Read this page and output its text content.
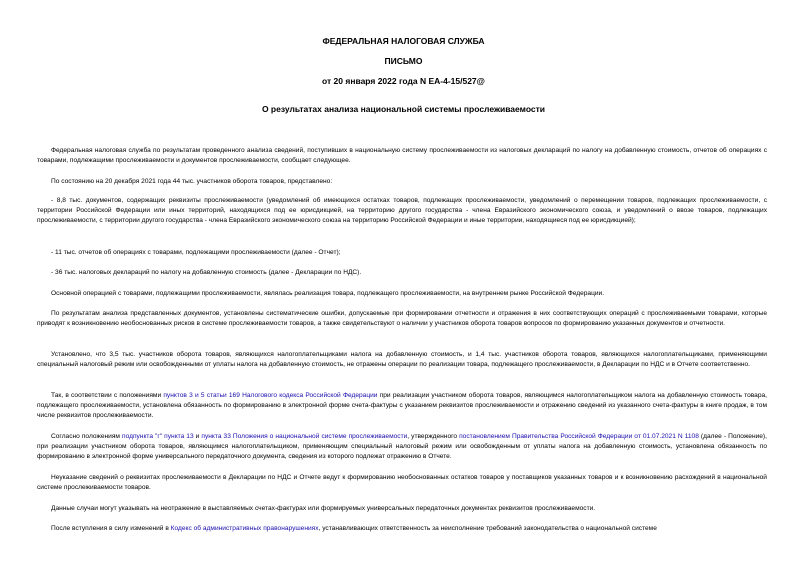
ФЕДЕРАЛЬНАЯ НАЛОГОВАЯ СЛУЖБА
ПИСЬМО
от 20 января 2022 года N ЕА-4-15/527@
О результатах анализа национальной системы прослеживаемости

Федеральная налоговая служба по результатам проведенного анализа сведений, поступивших в национальную систему прослеживаемости из налоговых деклараций по налогу на добавленную стоимость, отчетов об операциях с товарами, подлежащими прослеживаемости и документов прослеживаемости, сообщает следующее.

По состоянию на 20 декабря 2021 года 44 тыс. участников оборота товаров, представлено:

- 8,8 тыс. документов, содержащих реквизиты прослеживаемости (уведомлений об имеющихся остатках товаров, подлежащих прослеживаемости, уведомлений о перемещении товаров, подлежащих прослеживаемости, с территории Российской Федерации или иных территорий, находящихся под ее юрисдикцией, на территорию другого государства - члена Евразийского экономического союза, и уведомлений о ввозе товаров, подлежащих прослеживаемости, с территории другого государства - члена Евразийского экономического союза на территорию Российской Федерации и иные территории, находящиеся под ее юрисдикцией);

- 11 тыс. отчетов об операциях с товарами, подлежащими прослеживаемости (далее - Отчет);

- 36 тыс. налоговых деклараций по налогу на добавленную стоимость (далее - Декларации по НДС).

Основной операцией с товарами, подлежащими прослеживаемости, являлась реализация товара, подлежащего прослеживаемости, на внутреннем рынке Российской Федерации.

По результатам анализа представленных документов, установлены систематические ошибки, допускаемые при формировании отчетности и отражения в них соответствующих операций с прослеживаемыми товарами, которые приводят к возникновению необоснованных рисков в системе прослеживаемости товаров, а также свидетельствуют о наличии у участников оборота товаров вопросов по формированию указанных документов и отчетности.

Установлено, что 3,5 тыс. участников оборота товаров, являющихся налогоплательщиками налога на добавленную стоимость, и 1,4 тыс. участников оборота товаров, являющихся налогоплательщиками, применяющими специальный налоговый режим или освобожденными от уплаты налога на добавленную стоимость, не отражены операции по реализации товара, подлежащего прослеживаемости, в Декларации по НДС и в Отчете соответственно.

Так, в соответствии с положениями пунктов 3 и 5 статьи 169 Налогового кодекса Российской Федерации при реализации участником оборота товаров, являющимся налогоплательщиком налога на добавленную стоимость товара, подлежащего прослеживаемости, установлена обязанность по формированию в электронной форме счета-фактуры с указанием реквизитов прослеживаемости и отражению сведений из указанного счета-фактуры в книге продаж, в том числе реквизитов прослеживаемости.

Согласно положениям подпункта "г" пункта 13 и пункта 33 Положения о национальной системе прослеживаемости, утвержденного постановлением Правительства Российской Федерации от 01.07.2021 N 1108 (далее - Положение), при реализации участником оборота товаров, являющимся налогоплательщиком, применяющим специальный налоговый режим или освобожденным от уплаты налога на добавленную стоимость, установлена обязанность по формированию в электронной форме универсального передаточного документа, сведения из которого подлежат отражению в Отчете.

Неуказание сведений о реквизитах прослеживаемости в Декларации по НДС и Отчете ведут к формированию необоснованных остатков товаров у поставщиков указанных товаров и к возникновению расхождений в национальной системе прослеживаемости товаров.

Данные случаи могут указывать на неотражение в выставляемых счетах-фактурах или формируемых универсальных передаточных документах реквизитов прослеживаемости.

После вступления в силу изменений в Кодекс об административных правонарушениях, устанавливающих ответственность за неисполнение требований законодательства о национальной системе
